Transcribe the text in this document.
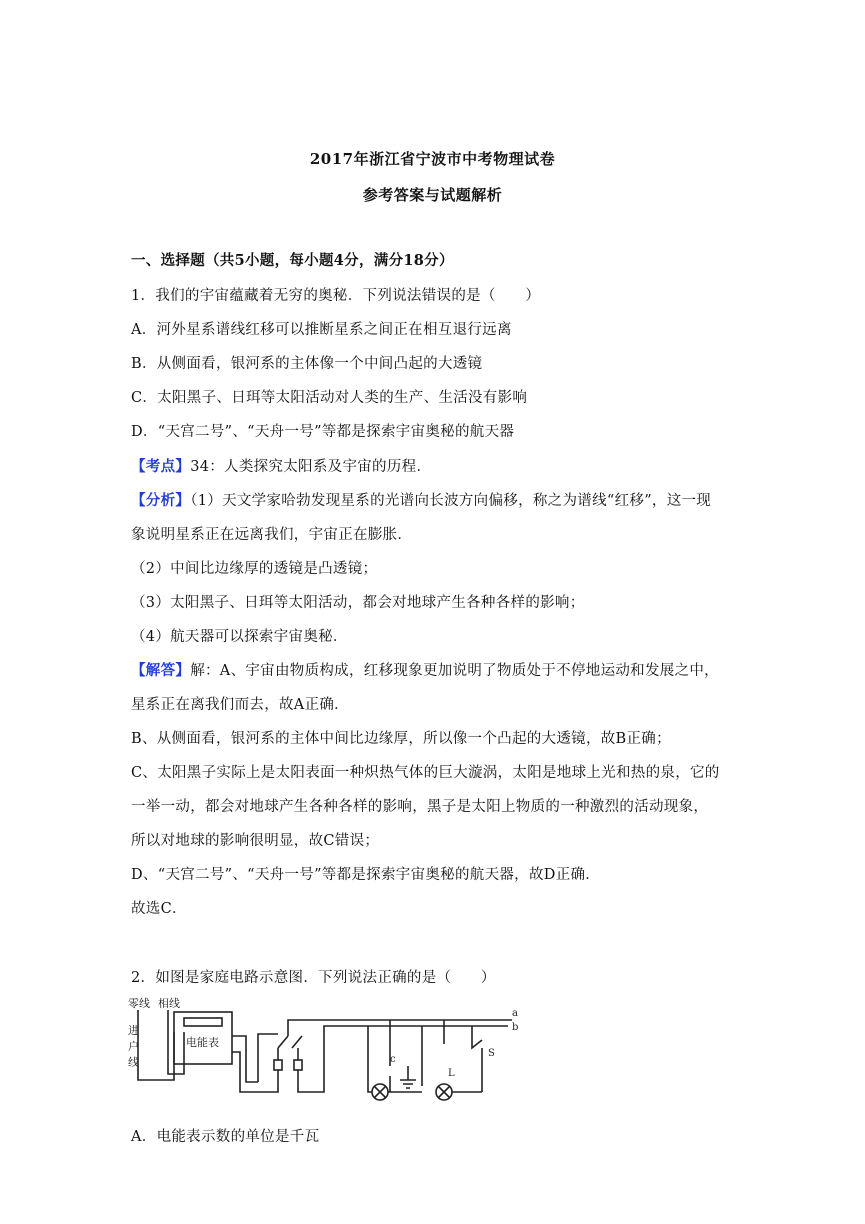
2017年浙江省宁波市中考物理试卷
参考答案与试题解析
一、选择题（共5小题，每小题4分，满分18分）
1．我们的宇宙蕴藏着无穷的奥秘．下列说法错误的是（　　）
A．河外星系谱线红移可以推断星系之间正在相互退行远离
B．从侧面看，银河系的主体像一个中间凸起的大透镜
C．太阳黑子、日珥等太阳活动对人类的生产、生活没有影响
D．“天宫二号”、“天舟一号”等都是探索宇宙奥秘的航天器
【考点】34：人类探究太阳系及宇宙的历程．
【分析】（1）天文学家哈勃发现星系的光谱向长波方向偏移，称之为谱线“红移”，这一现
象说明星系正在远离我们，宇宙正在膨胀．
（2）中间比边缘厚的透镜是凸透镜；
（3）太阳黑子、日珥等太阳活动，都会对地球产生各种各样的影响；
（4）航天器可以探索宇宙奥秘．
【解答】解：A、宇宙由物质构成，红移现象更加说明了物质处于不停地运动和发展之中，
星系正在离我们而去，故A正确．
B、从侧面看，银河系的主体中间比边缘厚，所以像一个凸起的大透镜，故B正确；
C、太阳黑子实际上是太阳表面一种炽热气体的巨大漩涡，太阳是地球上光和热的泉，它的
一举一动，都会对地球产生各种各样的影响，黑子是太阳上物质的一种激烈的活动现象，
所以对地球的影响很明显，故C错误；
D、“天宫二号”、“天舟一号”等都是探索宇宙奥秘的航天器，故D正确．
故选C．
2．如图是家庭电路示意图．下列说法正确的是（　　）
零线 相线
进
户
线
电能表
a
b
c
L
S
A．电能表示数的单位是千瓦
